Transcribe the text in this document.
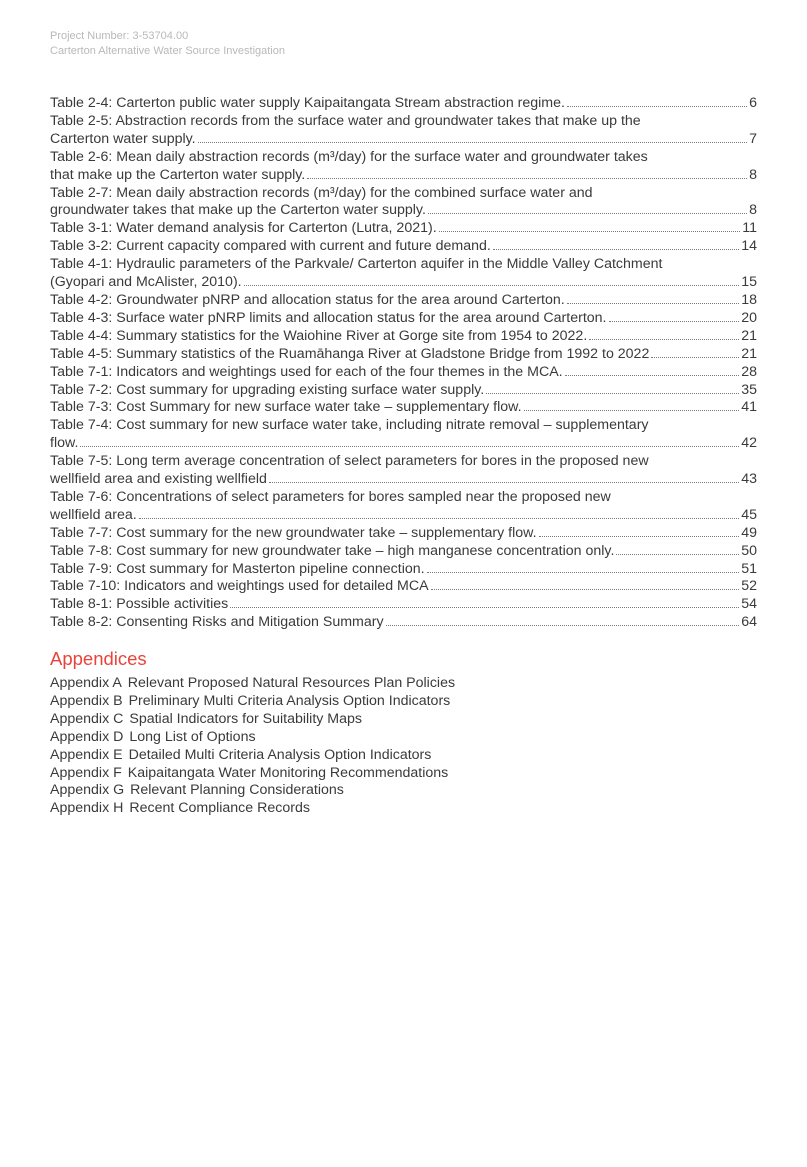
Project Number: 3-53704.00
Carterton Alternative Water Source Investigation
Table 2-4: Carterton public water supply Kaipaitangata Stream abstraction regime.	6
Table 2-5: Abstraction records from the surface water and groundwater takes that make up the
Carterton water supply.	7
Table 2-6: Mean daily abstraction records (m³/day) for the surface water and groundwater takes
that make up the Carterton water supply.	8
Table 2-7: Mean daily abstraction records (m³/day) for the combined surface water and
groundwater takes that make up the Carterton water supply.	8
Table 3-1: Water demand analysis for Carterton (Lutra, 2021).	11
Table 3-2: Current capacity compared with current and future demand.	14
Table 4-1: Hydraulic parameters of the Parkvale/ Carterton aquifer in the Middle Valley Catchment
(Gyopari and McAlister, 2010).	15
Table 4-2: Groundwater pNRP and allocation status for the area around Carterton.	18
Table 4-3: Surface water pNRP limits and allocation status for the area around Carterton.	20
Table 4-4: Summary statistics for the Waiohine River at Gorge site from 1954 to 2022.	21
Table 4-5: Summary statistics of the Ruamāhanga River at Gladstone Bridge from 1992 to 2022	21
Table 7-1: Indicators and weightings used for each of the four themes in the MCA.	28
Table 7-2: Cost summary for upgrading existing surface water supply.	35
Table 7-3: Cost Summary for new surface water take – supplementary flow.	41
Table 7-4: Cost summary for new surface water take, including nitrate removal – supplementary
flow.	42
Table 7-5: Long term average concentration of select parameters for bores in the proposed new
wellfield area and existing wellfield	43
Table 7-6: Concentrations of select parameters for bores sampled near the proposed new
wellfield area.	45
Table 7-7: Cost summary for the new groundwater take – supplementary flow.	49
Table 7-8: Cost summary for new groundwater take – high manganese concentration only.	50
Table 7-9: Cost summary for Masterton pipeline connection.	51
Table 7-10: Indicators and weightings used for detailed MCA	52
Table 8-1: Possible activities	54
Table 8-2: Consenting Risks and Mitigation Summary	64
Appendices
Appendix A Relevant Proposed Natural Resources Plan Policies
Appendix B Preliminary Multi Criteria Analysis Option Indicators
Appendix C Spatial Indicators for Suitability Maps
Appendix D Long List of Options
Appendix E Detailed Multi Criteria Analysis Option Indicators
Appendix F Kaipaitangata Water Monitoring Recommendations
Appendix G Relevant Planning Considerations
Appendix H Recent Compliance Records
